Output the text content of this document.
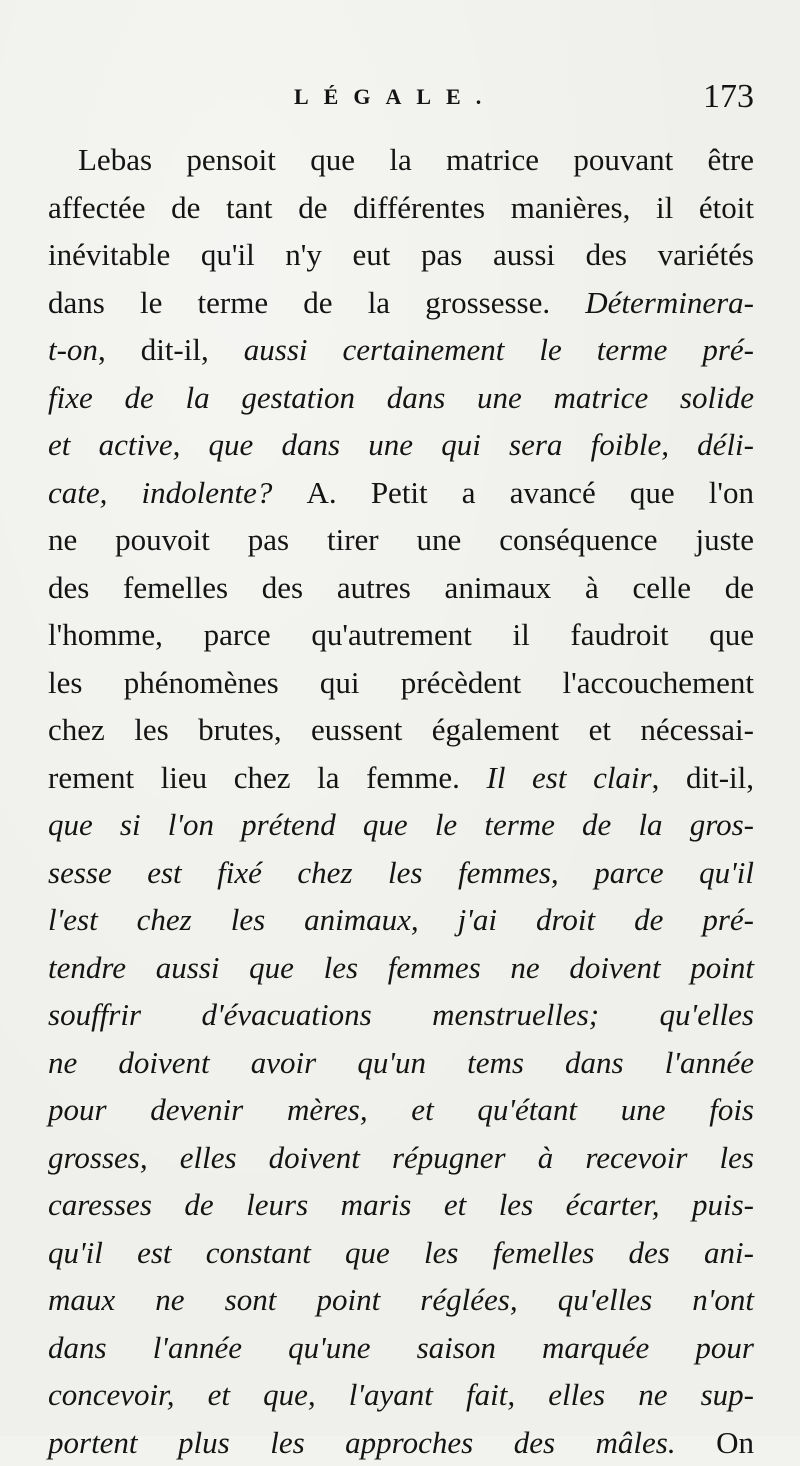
LÉGALE.	173
Lebas pensoit que la matrice pouvant être
affectée de tant de différentes manières, il étoit
inévitable qu'il n'y eut pas aussi des variétés
dans le terme de la grossesse. Déterminera-
t-on, dit-il, aussi certainement le terme pré-
fixe de la gestation dans une matrice solide
et active, que dans une qui sera foible, déli-
cate, indolente? A. Petit a avancé que l'on
ne pouvoit pas tirer une conséquence juste
des femelles des autres animaux à celle de
l'homme, parce qu'autrement il faudroit que
les phénomènes qui précèdent l'accouchement
chez les brutes, eussent également et nécessai-
rement lieu chez la femme. Il est clair, dit-il,
que si l'on prétend que le terme de la gros-
sesse est fixé chez les femmes, parce qu'il
l'est chez les animaux, j'ai droit de pré-
tendre aussi que les femmes ne doivent point
souffrir d'évacuations menstruelles; qu'elles
ne doivent avoir qu'un tems dans l'année
pour devenir mères, et qu'étant une fois
grosses, elles doivent répugner à recevoir les
caresses de leurs maris et les écarter, puis-
qu'il est constant que les femelles des ani-
maux ne sont point réglées, qu'elles n'ont
dans l'année qu'une saison marquée pour
concevoir, et que, l'ayant fait, elles ne sup-
portent plus les approches des mâles. On
